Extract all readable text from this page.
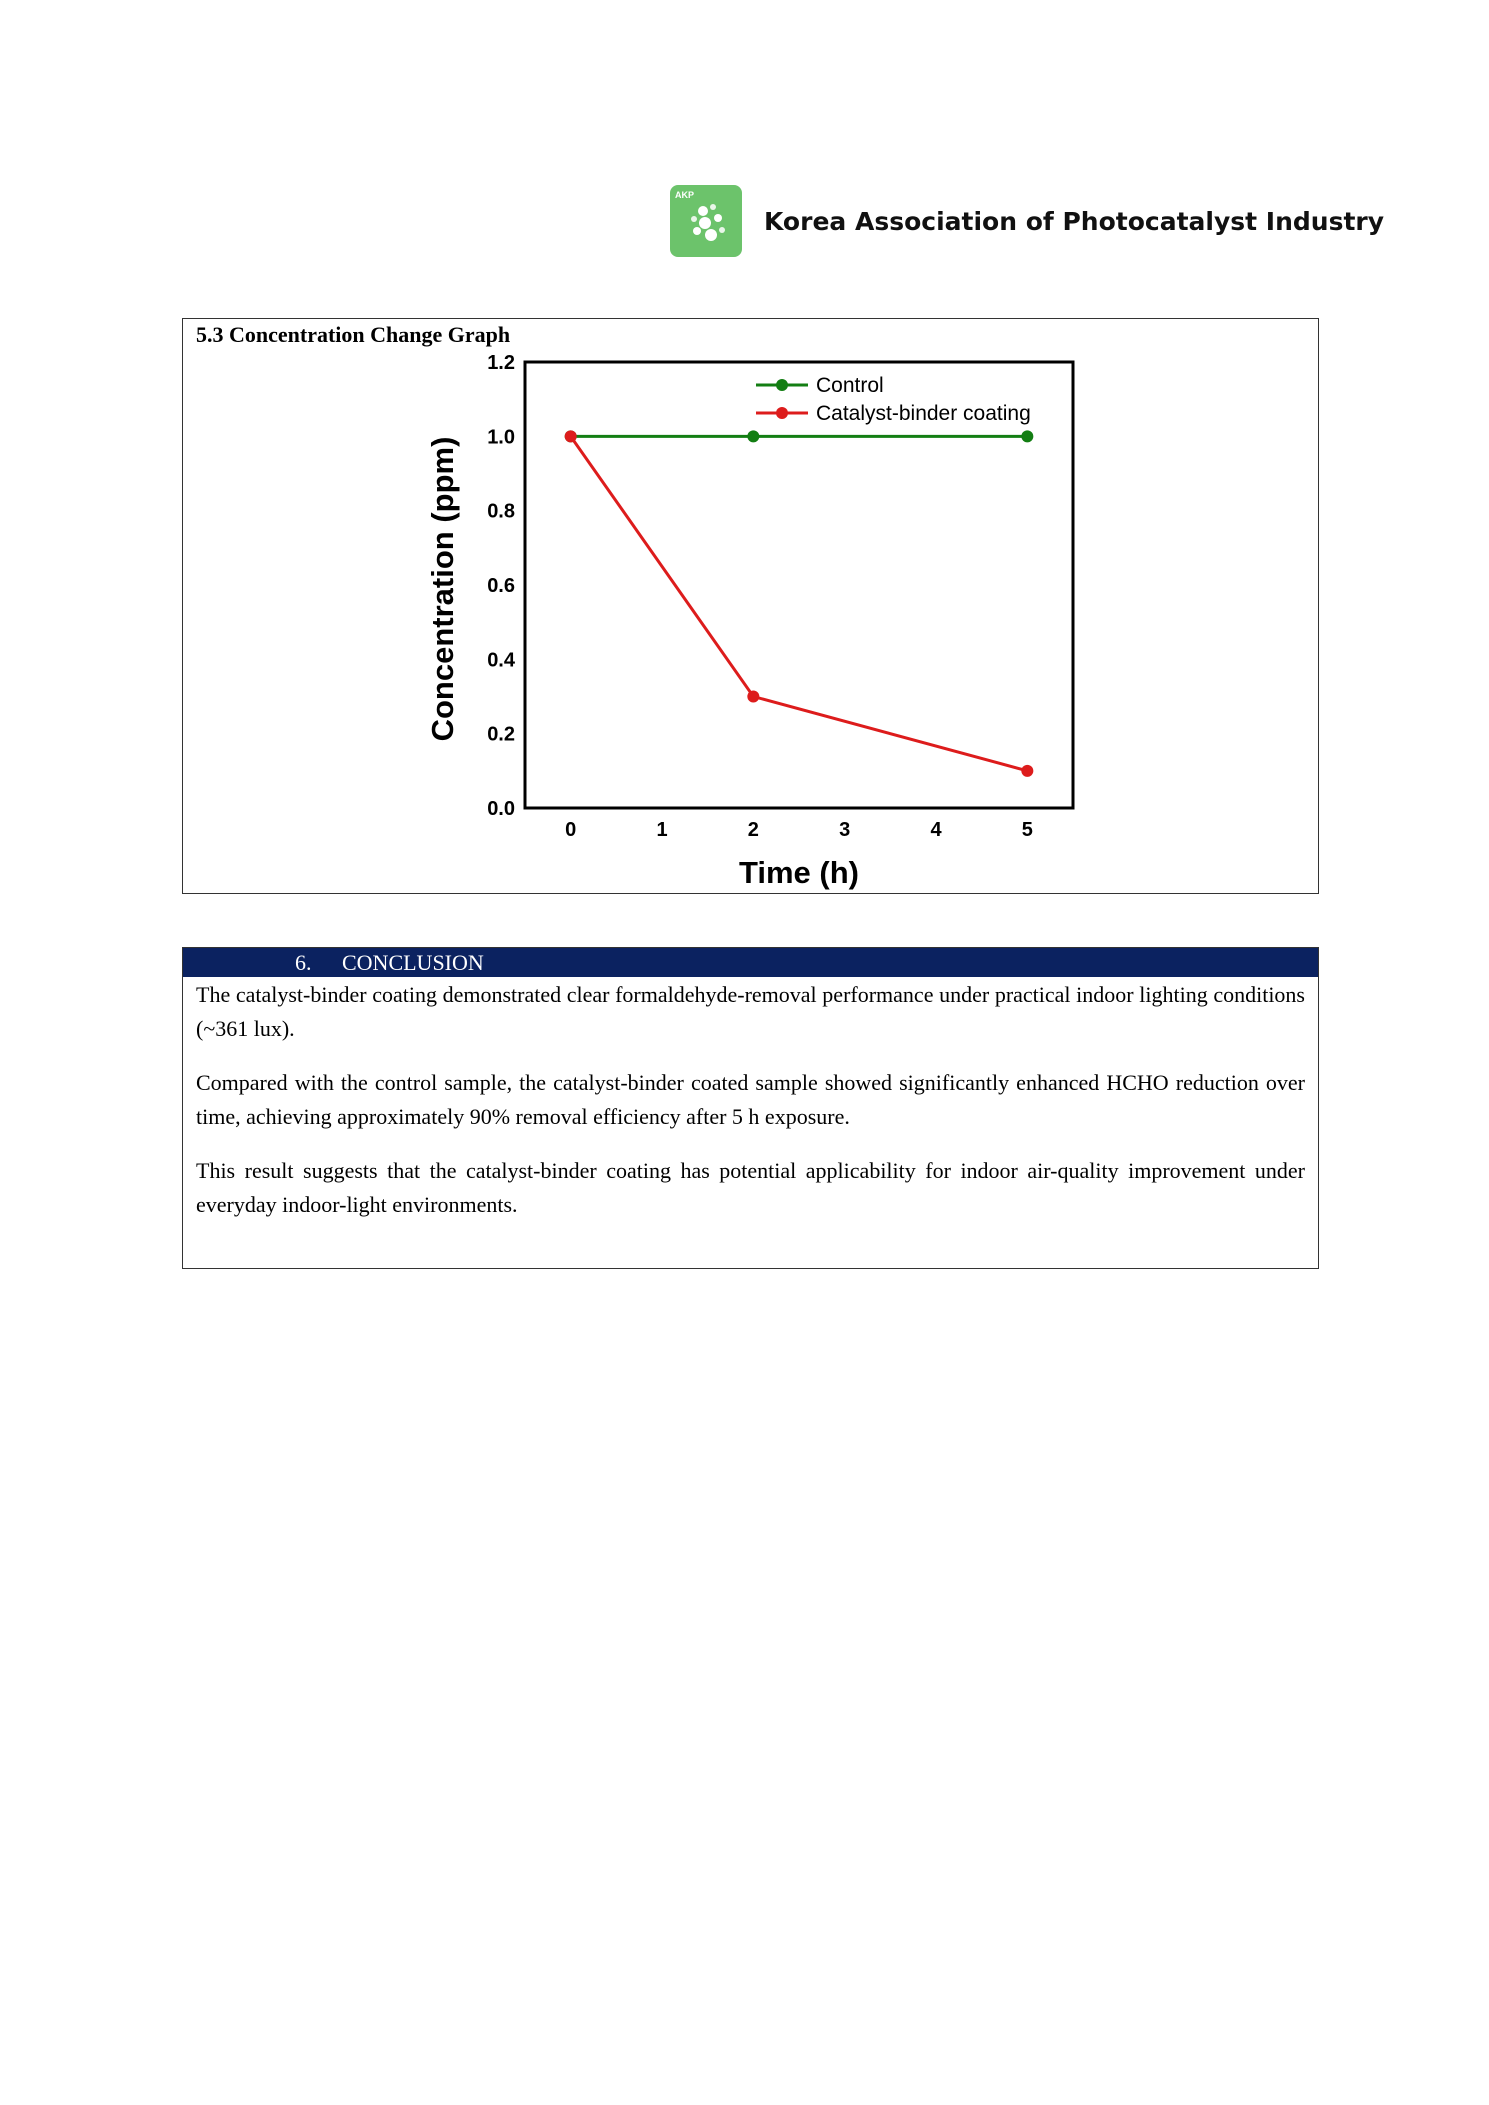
AKP
Korea Association of Photocatalyst Industry
5.3 Concentration Change Graph
0.0
0.2
0.4
0.6
0.8
1.0
1.2
0	1	2	3	4	5
Control
Catalyst-binder coating
Concentration (ppm)
Time (h)
6. CONCLUSION

The catalyst-binder coating demonstrated clear formaldehyde-removal performance under practical indoor lighting conditions (~361 lux).

Compared with the control sample, the catalyst-binder coated sample showed significantly enhanced HCHO reduction over time, achieving approximately 90% removal efficiency after 5 h exposure.

This result suggests that the catalyst-binder coating has potential applicability for indoor air-quality improvement under everyday indoor-light environments.
